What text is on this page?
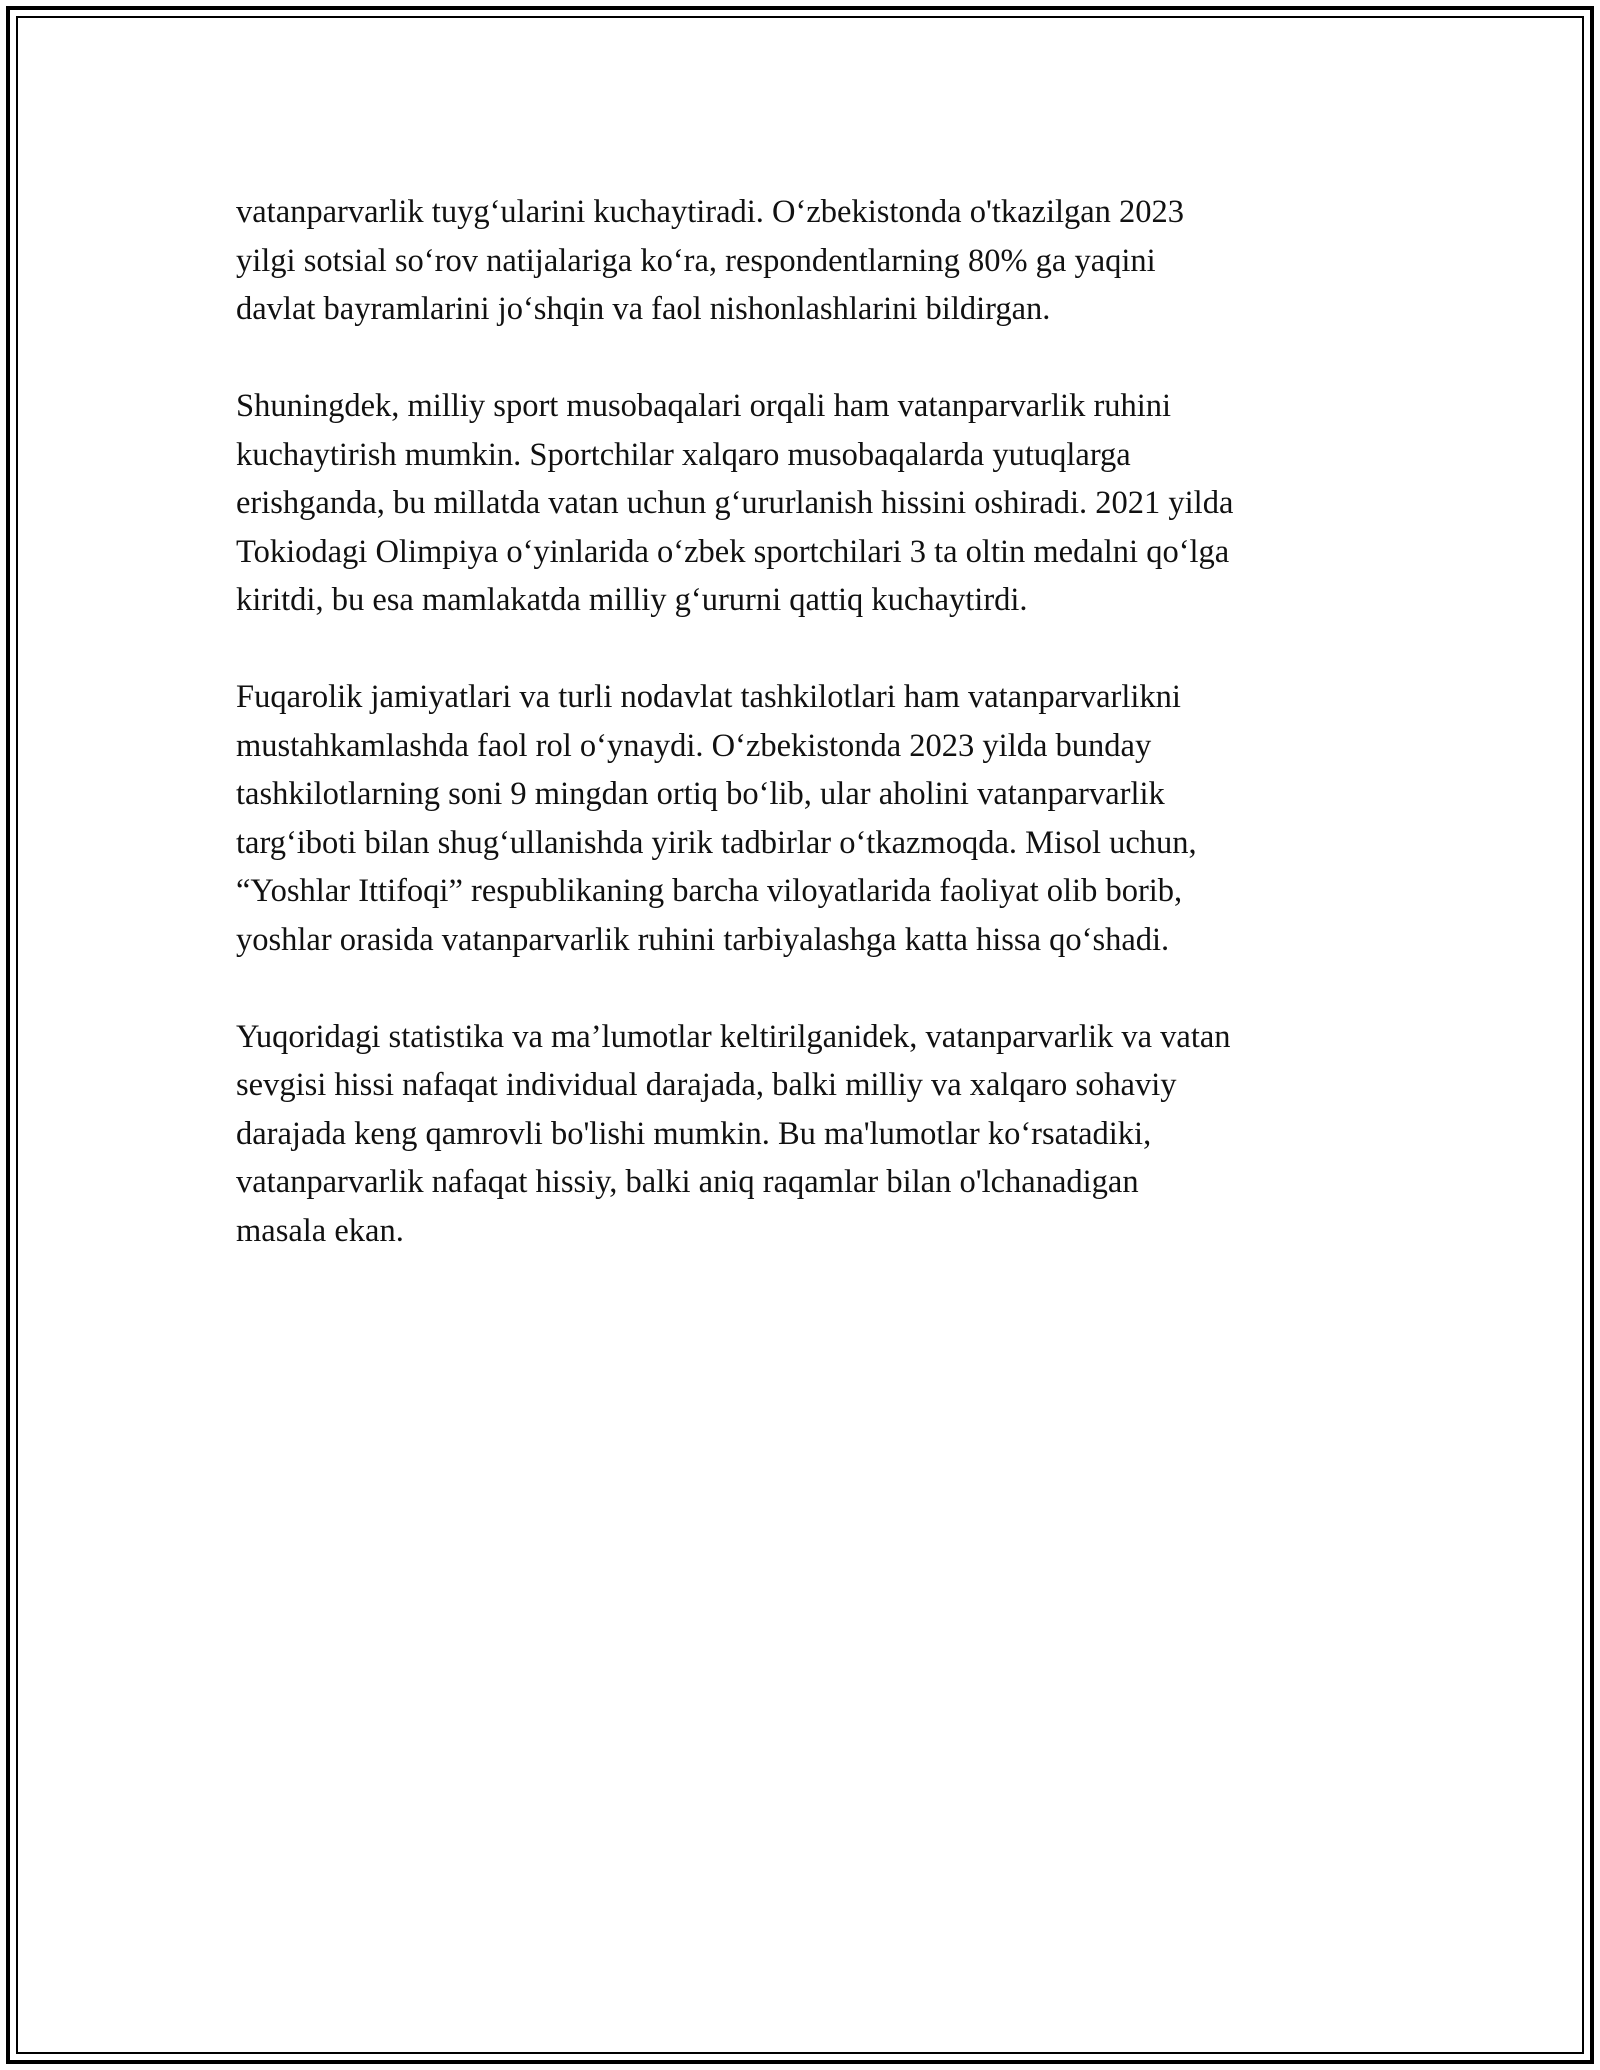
vatanparvarlik tuyg‘ularini kuchaytiradi. O‘zbekistonda o'tkazilgan 2023
yilgi sotsial so‘rov natijalariga ko‘ra, respondentlarning 80% ga yaqini
davlat bayramlarini jo‘shqin va faol nishonlashlarini bildirgan.

Shuningdek, milliy sport musobaqalari orqali ham vatanparvarlik ruhini
kuchaytirish mumkin. Sportchilar xalqaro musobaqalarda yutuqlarga
erishganda, bu millatda vatan uchun g‘ururlanish hissini oshiradi. 2021 yilda
Tokiodagi Olimpiya o‘yinlarida o‘zbek sportchilari 3 ta oltin medalni qo‘lga
kiritdi, bu esa mamlakatda milliy g‘ururni qattiq kuchaytirdi.

Fuqarolik jamiyatlari va turli nodavlat tashkilotlari ham vatanparvarlikni
mustahkamlashda faol rol o‘ynaydi. O‘zbekistonda 2023 yilda bunday
tashkilotlarning soni 9 mingdan ortiq bo‘lib, ular aholini vatanparvarlik
targ‘iboti bilan shug‘ullanishda yirik tadbirlar o‘tkazmoqda. Misol uchun,
“Yoshlar Ittifoqi” respublikaning barcha viloyatlarida faoliyat olib borib,
yoshlar orasida vatanparvarlik ruhini tarbiyalashga katta hissa qo‘shadi.

Yuqoridagi statistika va ma’lumotlar keltirilganidek, vatanparvarlik va vatan
sevgisi hissi nafaqat individual darajada, balki milliy va xalqaro sohaviy
darajada keng qamrovli bo'lishi mumkin. Bu ma'lumotlar ko‘rsatadiki,
vatanparvarlik nafaqat hissiy, balki aniq raqamlar bilan o'lchanadigan
masala ekan.
